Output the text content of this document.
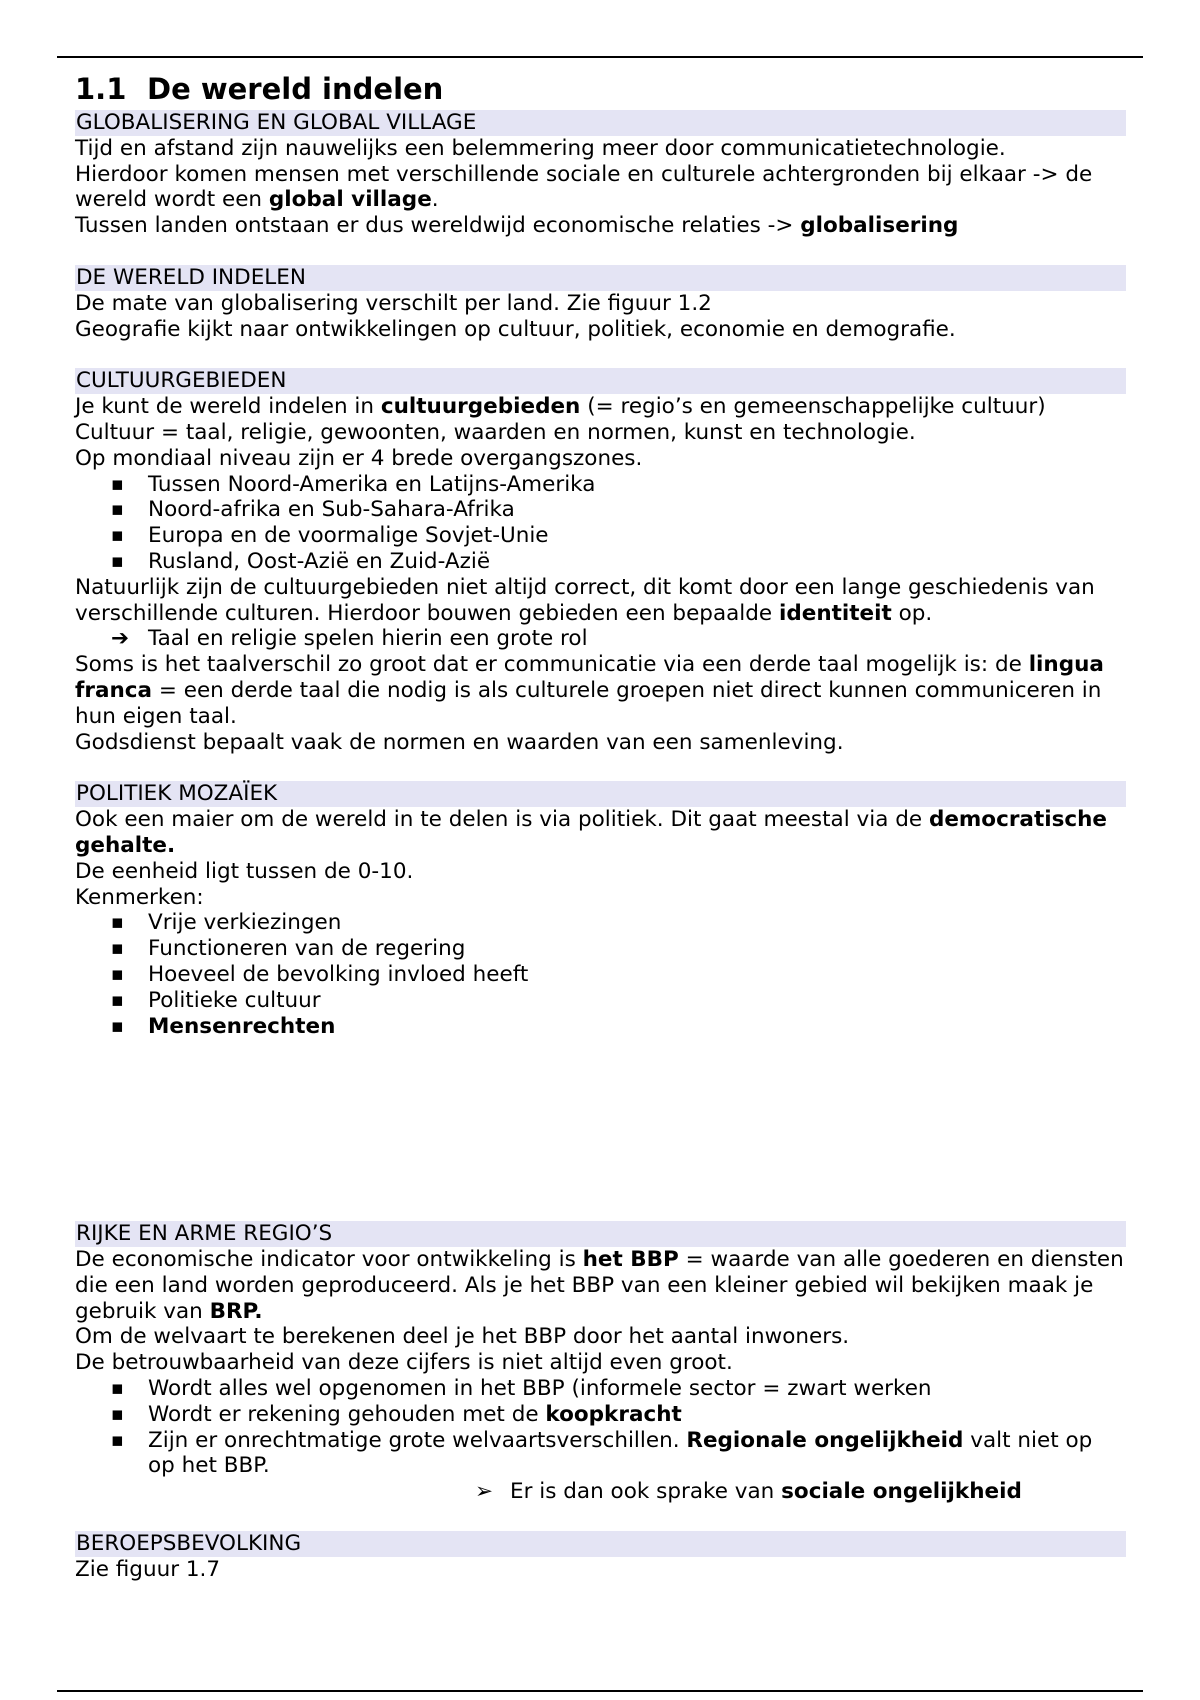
1.1 De wereld indelen
GLOBALISERING EN GLOBAL VILLAGE

Tijd en afstand zijn nauwelijks een belemmering meer door communicatietechnologie.

Hierdoor komen mensen met verschillende sociale en culturele achtergronden bij elkaar -> de wereld wordt een global village.

Tussen landen ontstaan er dus wereldwijd economische relaties -> globalisering

DE WERELD INDELEN

De mate van globalisering verschilt per land. Zie figuur 1.2

Geografie kijkt naar ontwikkelingen op cultuur, politiek, economie en demografie.

CULTUURGEBIEDEN

Je kunt de wereld indelen in cultuurgebieden (= regio’s en gemeenschappelijke cultuur)

Cultuur = taal, religie, gewoonten, waarden en normen, kunst en technologie.

Op mondiaal niveau zijn er 4 brede overgangszones.

▪ Tussen Noord-Amerika en Latijns-Amerika
▪ Noord-afrika en Sub-Sahara-Afrika
▪ Europa en de voormalige Sovjet-Unie
▪ Rusland, Oost-Azië en Zuid-Azië

Natuurlijk zijn de cultuurgebieden niet altijd correct, dit komt door een lange geschiedenis van verschillende culturen. Hierdoor bouwen gebieden een bepaalde identiteit op.

➔ Taal en religie spelen hierin een grote rol

Soms is het taalverschil zo groot dat er communicatie via een derde taal mogelijk is: de lingua franca = een derde taal die nodig is als culturele groepen niet direct kunnen communiceren in hun eigen taal.

Godsdienst bepaalt vaak de normen en waarden van een samenleving.

POLITIEK MOZAÏEK

Ook een maier om de wereld in te delen is via politiek. Dit gaat meestal via de democratische gehalte.

De eenheid ligt tussen de 0-10.

Kenmerken:

▪ Vrije verkiezingen
▪ Functioneren van de regering
▪ Hoeveel de bevolking invloed heeft
▪ Politieke cultuur
▪ Mensenrechten
RIJKE EN ARME REGIO’S

De economische indicator voor ontwikkeling is het BBP = waarde van alle goederen en diensten die een land worden geproduceerd. Als je het BBP van een kleiner gebied wil bekijken maak je gebruik van BRP.

Om de welvaart te berekenen deel je het BBP door het aantal inwoners.

De betrouwbaarheid van deze cijfers is niet altijd even groot.

▪ Wordt alles wel opgenomen in het BBP (informele sector = zwart werken
▪ Wordt er rekening gehouden met de koopkracht
▪ Zijn er onrechtmatige grote welvaartsverschillen. Regionale ongelijkheid valt niet op op het BBP.

➢ Er is dan ook sprake van sociale ongelijkheid

BEROEPSBEVOLKING

Zie figuur 1.7
